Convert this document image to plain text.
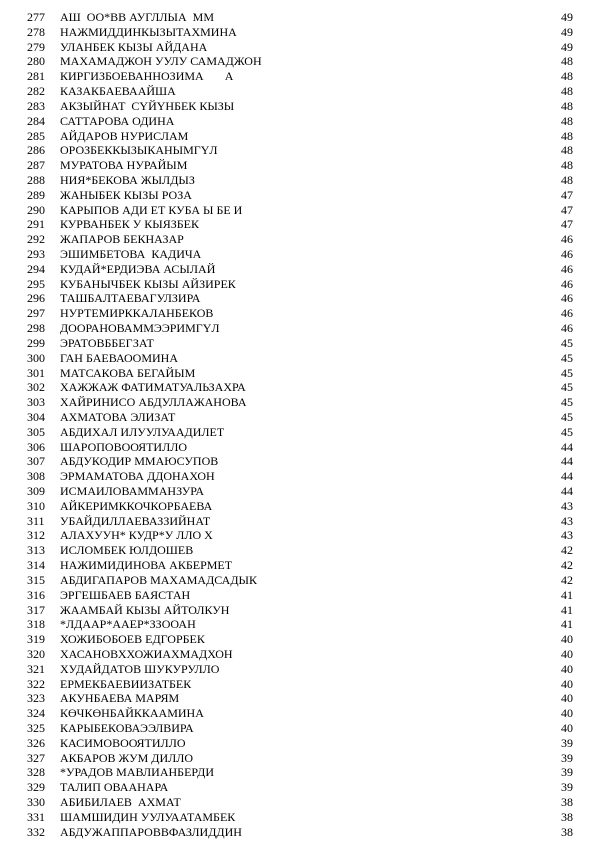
277	АШ  ОО*ВВ АУГЛЛЫА  ММ	49
278	НАЖМИДДИНКЫЗЫТАХМИНА	49
279	УЛАНБЕК КЫЗЫ АЙДАНА	49
280	МАХАМАДЖОН УУЛУ САМАДЖОН	48
281	КИРГИЗБОЕВАННОЗИМА       А	48
282	КАЗАКБАЕВААЙША	48
283	АКЗЫЙНАТ  СҮЙҮНБЕК КЫЗЫ	48
284	САТТАРОВА ОДИНА	48
285	АЙДАРОВ НУРИСЛАМ	48
286	ОРОЗБЕККЫЗЫКАНЫМГҮЛ	48
287	МУРАТОВА НУРАЙЫМ	48
288	НИЯ*БЕКОВА ЖЫЛДЫЗ	48
289	ЖАНЫБЕК КЫЗЫ РОЗА	47
290	КАРЫПОВ АДИ ЕТ КУБА Ы БЕ И	47
291	КУРВАНБЕК У КЫЯЗБЕК	47
292	ЖАПАРОВ БЕКНАЗАР	46
293	ЭШИМБЕТОВА  КАДИЧА	46
294	КУДАЙ*ЕРДИЭВА АСЫЛАЙ	46
295	КУБАНЫЧБЕК КЫЗЫ АЙЗИРЕК	46
296	ТАШБАЛТАЕВАГУЛЗИРА	46
297	НУРТЕМИРККАЛАНБЕКОВ	46
298	ДООРАНОВАММЭЭРИМГҮЛ	46
299	ЭРАТОВББЕГЗАТ	45
300	ГАН БАЕВАООМИНА	45
301	МАТСАКОВА БЕГАЙЫМ	45
302	ХАЖЖАЖ ФАТИМАТУАЛЬЗАХРА	45
303	ХАЙРИНИСО АБДУЛЛАЖАНОВА	45
304	АХМАТОВА ЭЛИЗАТ	45
305	АБДИХАЛ ИЛУУЛУААДИЛЕТ	45
306	ШАРОПОВООЯТИЛЛО	44
307	АБДУКОДИР ММАЮСУПОВ	44
308	ЭРМАМАТОВА ДДОНАХОН	44
309	ИСМАИЛОВАММАНЗУРА	44
310	АЙКЕРИМККОЧКОРБАЕВА	43
311	УБАЙДИЛЛАЕВАЗЗИЙНАТ	43
312	АЛАХУУН* КУДР*У ЛЛО Х	43
313	ИСЛОМБЕК ЮЛДОШЕВ	42
314	НАЖИМИДИНОВА АКБЕРМЕТ	42
315	АБДИГАПАРОВ МАХАМАДСАДЫК	42
316	ЭРГЕШБАЕВ БАЯСТАН	41
317	ЖААМБАЙ КЫЗЫ АЙТОЛКУН	41
318	*ЛДААР*ААЕР*ЗЗООАН	41
319	ХОЖИБОБОЕВ ЕДГОРБЕК	40
320	ХАСАНОВХХОЖИАХМАДХОН	40
321	ХУДАЙДАТОВ ШУКУРУЛЛО	40
322	ЕРМЕКБАЕВИИЗАТБЕК	40
323	АКУНБАЕВА МАРЯМ	40
324	КӨЧКӨНБАЙККААМИНА	40
325	КАРЫБЕКОВАЭЭЛВИРА	40
326	КАСИМОВООЯТИЛЛО	39
327	АКБАРОВ ЖУМ ДИЛЛО	39
328	*УРАДОВ МАВЛИАНБЕРДИ	39
329	ТАЛИП ОВААНАРА	39
330	АБИБИЛАЕВ  АХМАТ	38
331	ШАМШИДИН УУЛУААТАМБЕК	38
332	АБДУЖАППАРОВВФАЗЛИДДИН	38
